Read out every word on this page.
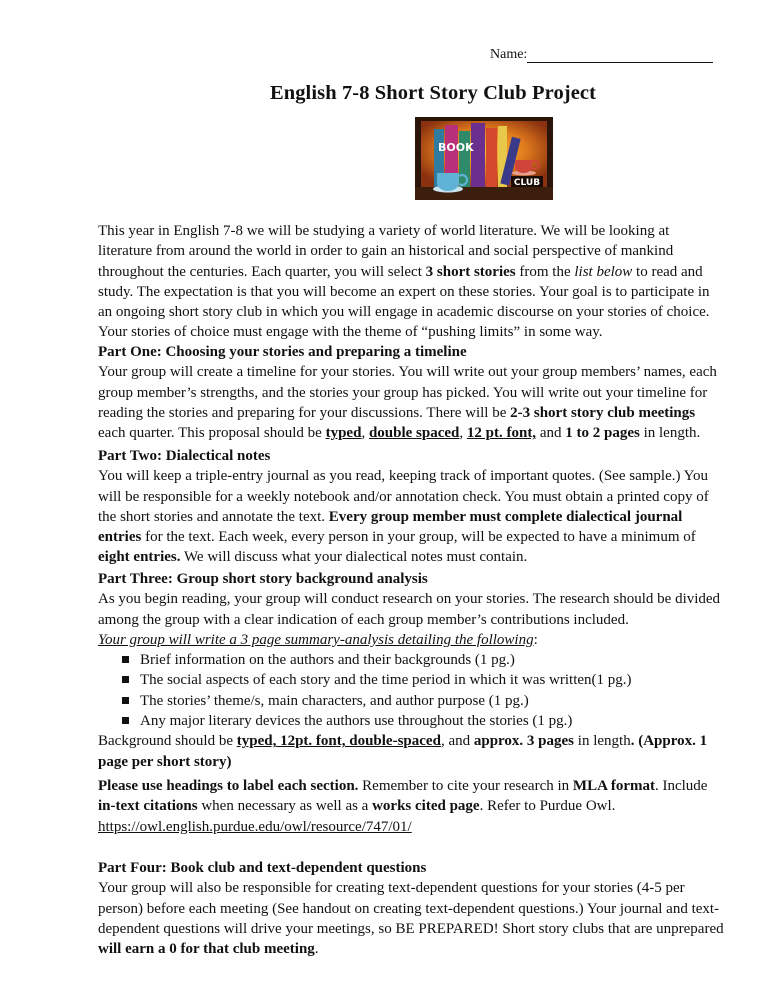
Name:
English 7-8 Short Story Club Project
BOOK
CLUB

This year in English 7-8 we will be studying a variety of world literature. We will be looking at literature from around the world in order to gain an historical and social perspective of mankind throughout the centuries. Each quarter, you will select 3 short stories from the list below to read and study. The expectation is that you will become an expert on these stories. Your goal is to participate in an ongoing short story club in which you will engage in academic discourse on your stories of choice. Your stories of choice must engage with the theme of “pushing limits” in some way.

Part One: Choosing your stories and preparing a timeline
Your group will create a timeline for your stories. You will write out your group members’ names, each group member’s strengths, and the stories your group has picked. You will write out your timeline for reading the stories and preparing for your discussions. There will be 2-3 short story club meetings each quarter. This proposal should be typed, double spaced, 12 pt. font, and 1 to 2 pages in length.

Part Two: Dialectical notes
You will keep a triple-entry journal as you read, keeping track of important quotes. (See sample.) You will be responsible for a weekly notebook and/or annotation check. You must obtain a printed copy of the short stories and annotate the text. Every group member must complete dialectical journal entries for the text. Each week, every person in your group, will be expected to have a minimum of eight entries. We will discuss what your dialectical notes must contain.

Part Three: Group short story background analysis
As you begin reading, your group will conduct research on your stories. The research should be divided among the group with a clear indication of each group member’s contributions included.
Your group will write a 3 page summary-analysis detailing the following:
Brief information on the authors and their backgrounds (1 pg.)
The social aspects of each story and the time period in which it was written(1 pg.)
The stories’ theme/s, main characters, and author purpose (1 pg.)
Any major literary devices the authors use throughout the stories (1 pg.)
Background should be typed, 12pt. font, double-spaced, and approx. 3 pages in length. (Approx. 1 page per short story)

Please use headings to label each section. Remember to cite your research in MLA format. Include in-text citations when necessary as well as a works cited page. Refer to Purdue Owl. https://owl.english.purdue.edu/owl/resource/747/01/

Part Four: Book club and text-dependent questions
Your group will also be responsible for creating text-dependent questions for your stories (4-5 per person) before each meeting (See handout on creating text-dependent questions.) Your journal and text-dependent questions will drive your meetings, so BE PREPARED! Short story clubs that are unprepared will earn a 0 for that club meeting.
